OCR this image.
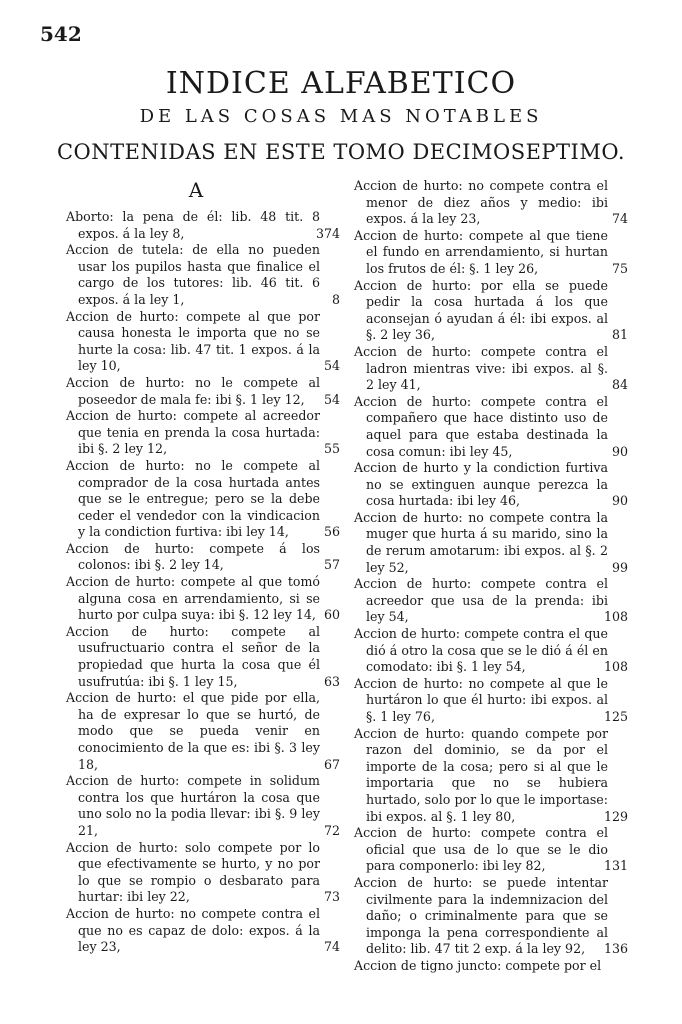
542
INDICE ALFABETICO
DE LAS COSAS MAS NOTABLES
CONTENIDAS EN ESTE TOMO DECIMOSEPTIMO.
A
Aborto: la pena de él: lib. 48 tit. 8 expos. á la ley 8,	374
Accion de tutela: de ella no pueden usar los pupilos hasta que finalice el cargo de los tutores: lib. 46 tit. 6 expos. á la ley 1,	8
Accion de hurto: compete al que por causa honesta le importa que no se hurte la cosa: lib. 47 tit. 1 expos. á la ley 10,	54
Accion de hurto: no le compete al poseedor de mala fe: ibi §. 1 ley 12, 54
Accion de hurto: compete al acreedor que tenia en prenda la cosa hurtada: ibi §. 2 ley 12,	55
Accion de hurto: no le compete al comprador de la cosa hurtada antes que se le entregue; pero se la debe ceder el vendedor con la vindicacion y la condiction furtiva: ibi ley 14,	56
Accion de hurto: compete á los colonos: ibi §. 2 ley 14,	57
Accion de hurto: compete al que tomó alguna cosa en arrendamiento, si se hurto por culpa suya: ibi §. 12 ley 14, 60
Accion de hurto: compete al usufructuario contra el señor de la propiedad que hurta la cosa que él usufrutúa: ibi §. 1 ley 15,	63
Accion de hurto: el que pide por ella, ha de expresar lo que se hurtó, de modo que se pueda venir en conocimiento de la que es: ibi §. 3 ley 18,	67
Accion de hurto: compete in solidum contra los que hurtáron la cosa que uno solo no la podia llevar: ibi §. 9 ley 21,	72
Accion de hurto: solo compete por lo que efectivamente se hurto, y no por lo que se rompio o desbarato para hurtar: ibi ley 22,	73
Accion de hurto: no compete contra el que no es capaz de dolo: expos. á la ley 23,	74
Accion de hurto: no compete contra el menor de diez años y medio: ibi expos. á la ley 23,	74
Accion de hurto: compete al que tiene el fundo en arrendamiento, si hurtan los frutos de él: §. 1 ley 26,	75
Accion de hurto: por ella se puede pedir la cosa hurtada á los que aconsejan ó ayudan á él: ibi expos. al §. 2 ley 36,	81
Accion de hurto: compete contra el ladron mientras vive: ibi expos. al §. 2 ley 41,	84
Accion de hurto: compete contra el compañero que hace distinto uso de aquel para que estaba destinada la cosa comun: ibi ley 45,	90
Accion de hurto y la condiction furtiva no se extinguen aunque perezca la cosa hurtada: ibi ley 46,	90
Accion de hurto: no compete contra la muger que hurta á su marido, sino la de rerum amotarum: ibi expos. al §. 2 ley 52,	99
Accion de hurto: compete contra el acreedor que usa de la prenda: ibi ley 54,	108
Accion de hurto: compete contra el que dió á otro la cosa que se le dió á él en comodato: ibi §. 1 ley 54,	108
Accion de hurto: no compete al que le hurtáron lo que él hurto: ibi expos. al §. 1 ley 76,	125
Accion de hurto: quando compete por razon del dominio, se da por el importe de la cosa; pero si al que le importaria que no se hubiera hurtado, solo por lo que le importase: ibi expos. al §. 1 ley 80,	129
Accion de hurto: compete contra el oficial que usa de lo que se le dio para componerlo: ibi ley 82,	131
Accion de hurto: se puede intentar civilmente para la indemnizacion del daño; o criminalmente para que se imponga la pena correspondiente al delito: lib. 47 tit 2 exp. á la ley 92, 136
Accion de tigno juncto: compete por el
